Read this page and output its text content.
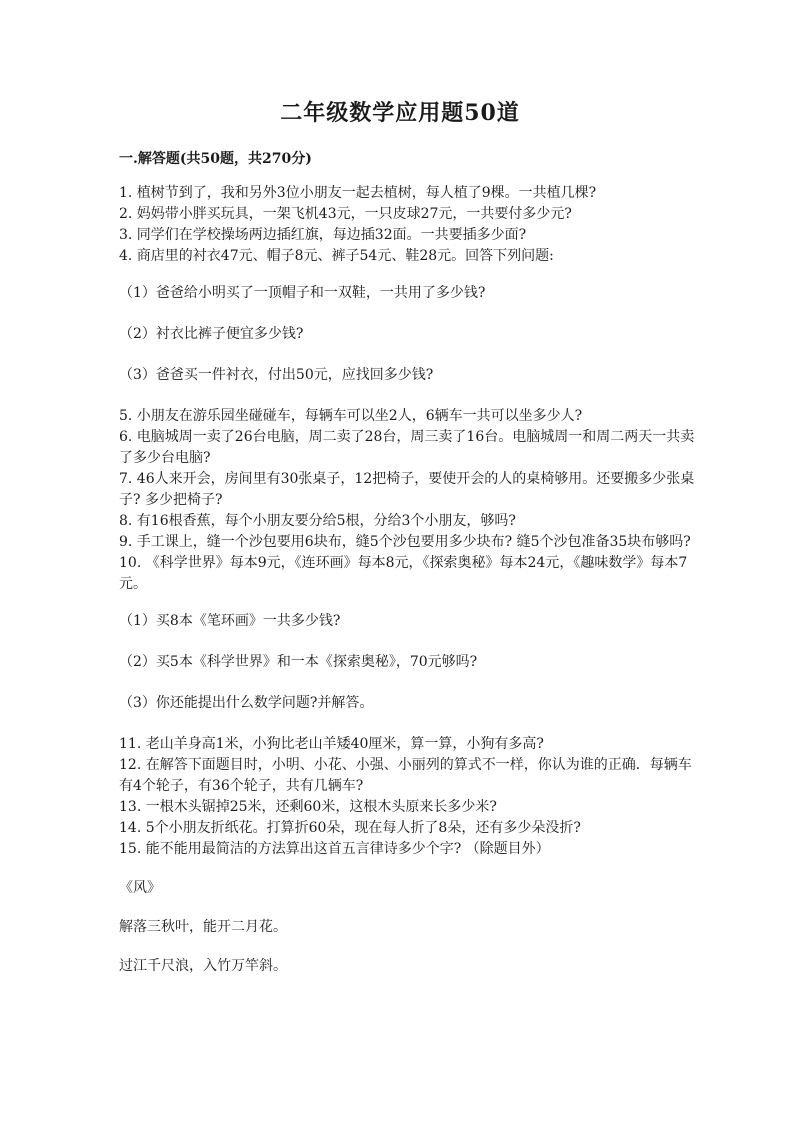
二年级数学应用题50道
一.解答题(共50题，共270分)

1. 植树节到了，我和另外3位小朋友一起去植树，每人植了9棵。一共植几棵?

2. 妈妈带小胖买玩具，一架飞机43元，一只皮球27元，一共要付多少元?

3. 同学们在学校操场两边插红旗，每边插32面。一共要插多少面?

4. 商店里的衬衣47元、帽子8元、裤子54元、鞋28元。回答下列问题:

（1）爸爸给小明买了一顶帽子和一双鞋，一共用了多少钱?

（2）衬衣比裤子便宜多少钱?

（3）爸爸买一件衬衣，付出50元，应找回多少钱?

5. 小朋友在游乐园坐碰碰车，每辆车可以坐2人，6辆车一共可以坐多少人?

6. 电脑城周一卖了26台电脑，周二卖了28台，周三卖了16台。电脑城周一和周二两天一共卖了多少台电脑?

7. 46人来开会，房间里有30张桌子，12把椅子，要使开会的人的桌椅够用。还要搬多少张桌子? 多少把椅子?

8. 有16根香蕉，每个小朋友要分给5根，分给3个小朋友，够吗?

9. 手工课上，缝一个沙包要用6块布，缝5个沙包要用多少块布? 缝5个沙包准备35块布够吗?

10. 《科学世界》每本9元，《连环画》每本8元，《探索奥秘》每本24元，《趣味数学》每本7元。

（1）买8本《笔环画》一共多少钱?

（2）买5本《科学世界》和一本《探索奥秘》，70元够吗?

（3）你还能提出什么数学问题?并解答。

11. 老山羊身高1米，小狗比老山羊矮40厘米，算一算，小狗有多高?

12. 在解答下面题目时，小明、小花、小强、小丽列的算式不一样，你认为谁的正确．每辆车有4个轮子，有36个轮子，共有几辆车?

13. 一根木头锯掉25米，还剩60米，这根木头原来长多少米?

14. 5个小朋友折纸花。打算折60朵，现在每人折了8朵，还有多少朵没折?

15. 能不能用最简洁的方法算出这首五言律诗多少个字? （除题目外）

《风》

解落三秋叶，能开二月花。

过江千尺浪，入竹万竿斜。
